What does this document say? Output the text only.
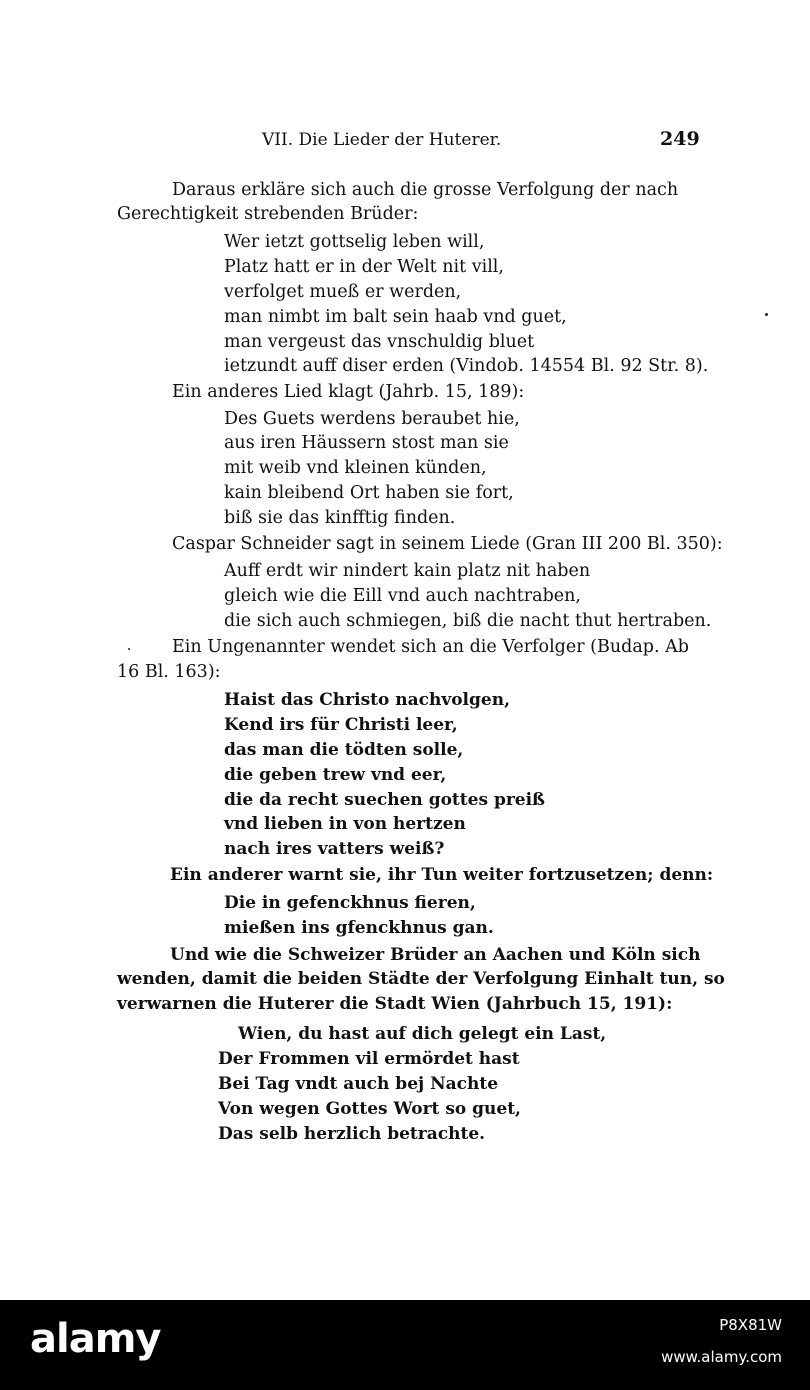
VII. Die Lieder der Huterer.	249
Daraus erkläre sich auch die grosse Verfolgung der nach
Gerechtigkeit strebenden Brüder:
Wer ietzt gottselig leben will,
Platz hatt er in der Welt nit vill,
verfolget mueß er werden,
man nimbt im balt sein haab vnd guet,
man vergeust das vnschuldig bluet
ietzundt auff diser erden (Vindob. 14554 Bl. 92 Str. 8).
Ein anderes Lied klagt (Jahrb. 15, 189):
Des Guets werdens beraubet hie,
aus iren Häussern stost man sie
mit weib vnd kleinen künden,
kain bleibend Ort haben sie fort,
biß sie das kinfftig finden.
Caspar Schneider sagt in seinem Liede (Gran III 200 Bl. 350):
Auff erdt wir nindert kain platz nit haben
gleich wie die Eill vnd auch nachtraben,
die sich auch schmiegen, biß die nacht thut hertraben.
Ein Ungenannter wendet sich an die Verfolger (Budap. Ab
16 Bl. 163):
Haist das Christo nachvolgen,
Kend irs für Christi leer,
das man die tödten solle,
die geben trew vnd eer,
die da recht suechen gottes preiß
vnd lieben in von hertzen
nach ires vatters weiß?
Ein anderer warnt sie, ihr Tun weiter fortzusetzen; denn:
Die in gefenckhnus fieren,
mießen ins gfenckhnus gan.
Und wie die Schweizer Brüder an Aachen und Köln sich
wenden, damit die beiden Städte der Verfolgung Einhalt tun, so
verwarnen die Huterer die Stadt Wien (Jahrbuch 15, 191):
Wien, du hast auf dich gelegt ein Last,
Der Frommen vil ermördet hast
Bei Tag vndt auch bej Nachte
Von wegen Gottes Wort so guet,
Das selb herzlich betrachte.
alamy	P8X81W
www.alamy.com
